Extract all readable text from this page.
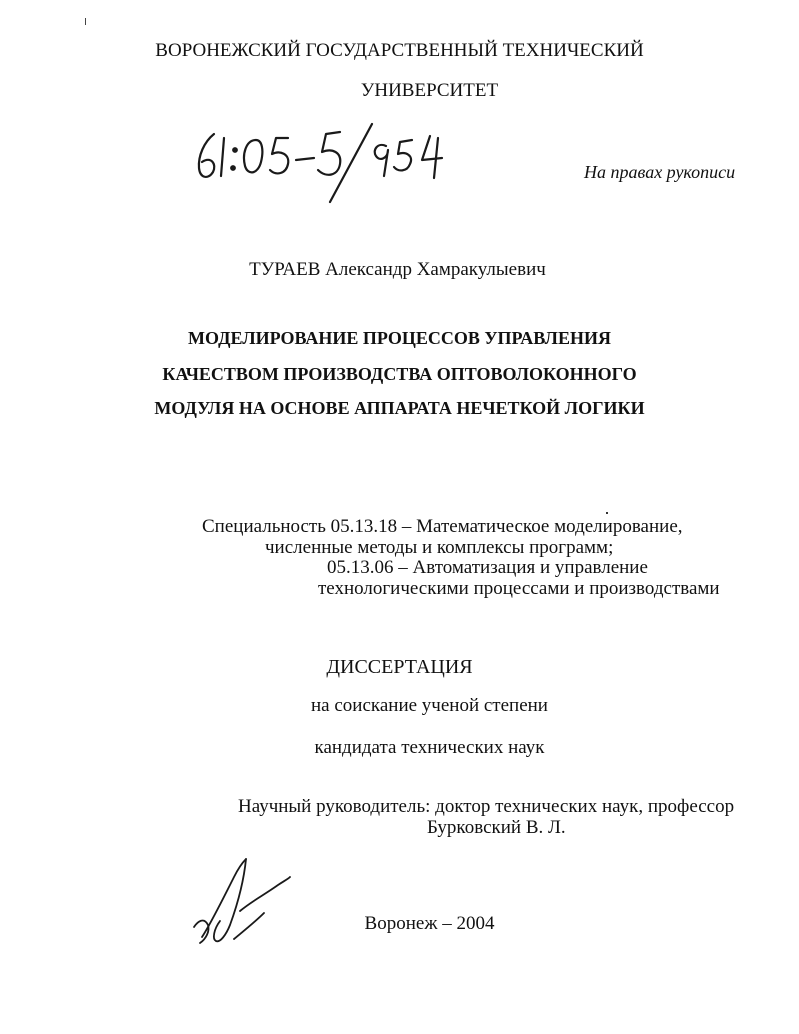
ВОРОНЕЖСКИЙ ГОСУДАРСТВЕННЫЙ ТЕХНИЧЕСКИЙ
УНИВЕРСИТЕТ
На правах рукописи
ТУРАЕВ Александр Хамракулыевич
МОДЕЛИРОВАНИЕ ПРОЦЕССОВ УПРАВЛЕНИЯ
КАЧЕСТВОМ ПРОИЗВОДСТВА ОПТОВОЛОКОННОГО
МОДУЛЯ НА ОСНОВЕ АППАРАТА НЕЧЕТКОЙ ЛОГИКИ
Специальность 05.13.18 – Математическое моделирование,
численные методы и комплексы программ;
05.13.06 – Автоматизация и управление
технологическими процессами и производствами
ДИССЕРТАЦИЯ
на соискание ученой степени
кандидата технических наук
Научный руководитель: доктор технических наук, профессор
Бурковский В. Л.
Воронеж – 2004
